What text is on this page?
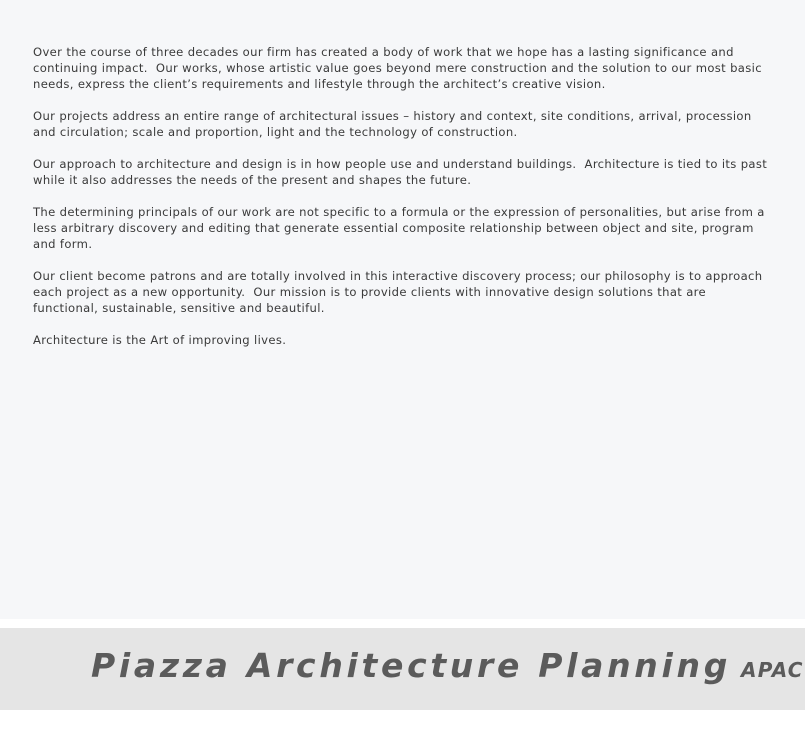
Over the course of three decades our firm has created a body of work that we hope has a lasting significance and continuing impact.  Our works, whose artistic value goes beyond mere construction and the solution to our most basic needs, express the client’s requirements and lifestyle through the architect’s creative vision.

Our projects address an entire range of architectural issues – history and context, site conditions, arrival, procession and circulation; scale and proportion, light and the technology of construction.

Our approach to architecture and design is in how people use and understand buildings.  Architecture is tied to its past while it also addresses the needs of the present and shapes the future.

The determining principals of our work are not specific to a formula or the expression of personalities, but arise from a less arbitrary discovery and editing that generate essential composite relationship between object and site, program and form.

Our client become patrons and are totally involved in this interactive discovery process; our philosophy is to approach each project as a new opportunity.  Our mission is to provide clients with innovative design solutions that are functional, sustainable, sensitive and beautiful.

Architecture is the Art of improving lives.

Piazza Architecture Planning APAC
